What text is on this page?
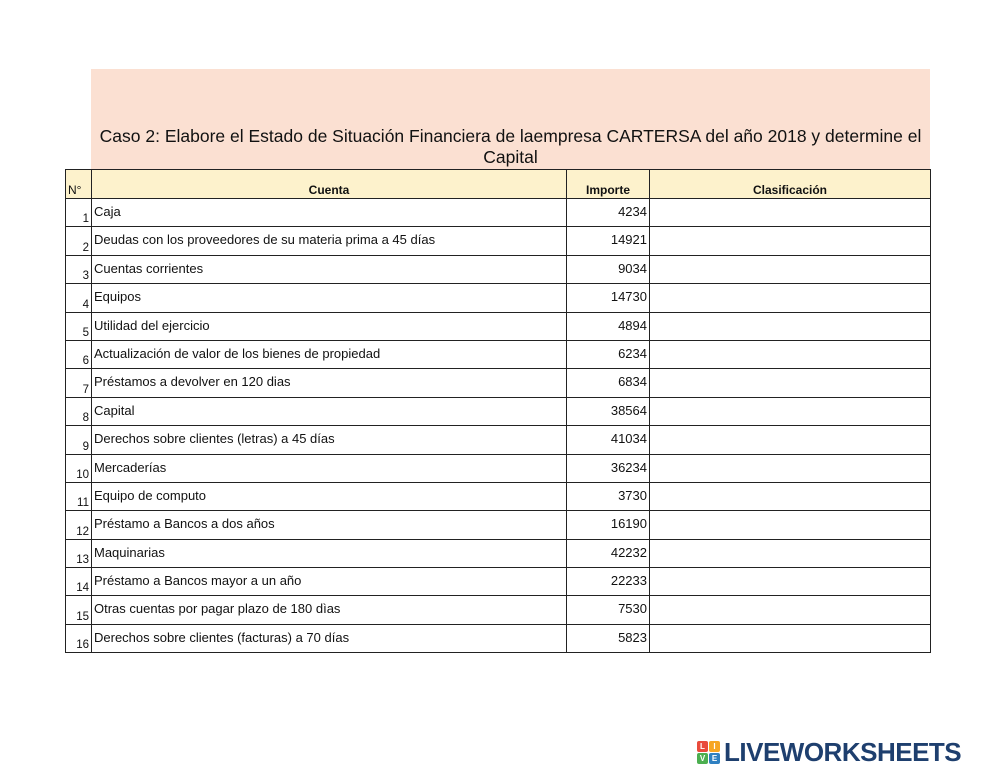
Caso 2: Elabore el Estado de Situación Financiera de laempresa CARTERSA del año 2018 y determine el Capital
N°	Cuenta	Importe	Clasificación
1	Caja	4234	
2	Deudas con los proveedores de su materia prima a 45 días	14921	
3	Cuentas corrientes	9034	
4	Equipos	14730	
5	Utilidad del ejercicio	4894	
6	Actualización de valor de los bienes de propiedad	6234	
7	Préstamos a devolver en 120 dias	6834	
8	Capital	38564	
9	Derechos sobre clientes (letras) a 45 días	41034	
10	Mercaderías	36234	
11	Equipo de computo	3730	
12	Préstamo a Bancos a dos años	16190	
13	Maquinarias	42232	
14	Préstamo a Bancos mayor a un año	22233	
15	Otras cuentas por pagar plazo de 180 dìas	7530	
16	Derechos sobre clientes (facturas) a 70 días	5823	
L	I
V E LIVEWORKSHEETS
